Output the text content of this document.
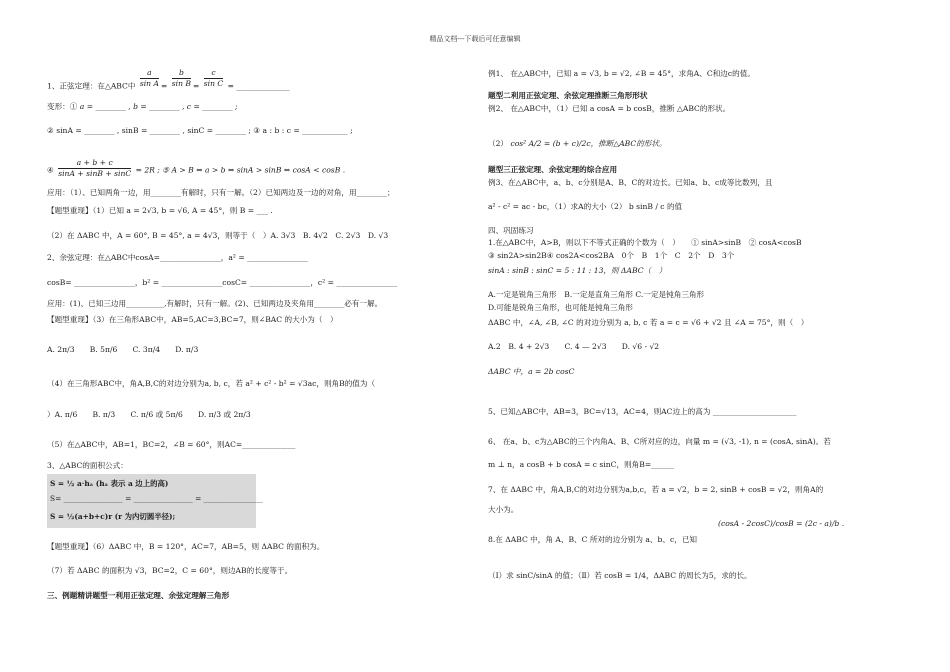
精品文档---下载后可任意编辑
1、正弦定理：在△ABC中 $\frac{a}{\text{sin A}} = \frac{b}{\text{sin B}} = \frac{c}{\text{sin C}}$ = ______________
变形：① a = ________ , b = ________ , c = ________ ;
② sinA = ________ , sinB = ________ , sinC = ________ ; ③ a : b : c = ____________ ;
④ $\frac{a + b + c}{\sin A + \sin B + \sin C} = 2R$ ; ⑤ A > B ⇔ a > b ⇔ sinA > sinB ⇔ cosA < cosB .
应用：（1）、已知两角一边，用________有解时，只有一解。（2）已知两边及一边的对角，用________；
【题型重现】（1）已知 a = 2√3, b = √6, A = 45°，则 B = ___ .
（2）在 ΔABC 中，A = 60°, B = 45°, a = 4√3，则等于（　）A. 3√3　B. 4√2　C. 2√3　D. √3
2、余弦定理：在△ABC中cosA=________________，a² = ________________
cosB= ________________，b² = ________________cosC= ________________，c² = ________________
应用：(1)、已知三边用__________,有解时，只有一解。(2)、已知两边及夹角用________必有一解。
【题型重现】（3）在三角形ABC中，AB=5,AC=3,BC=7，则∠BAC 的大小为（　）
A. 2π/3　　B. 5π/6　　C. 3π/4　　D. π/3
（4）在三角形ABC中，角A,B,C的对边分别为a, b, c，若 a² + c² - b² = √3ac，则角B的值为（
）A. π/6　　B. π/3　　C. π/6 或 5π/6　　D. π/3 或 2π/3
（5）在△ABC中，AB=1，BC=2，∠B = 60°，则AC=______________
3、△ABC的面积公式：
S = ½ a·hₐ (hₐ 表示 a 边上的高)
S= ________________ = ________________ = ________________
S = ½(a+b+c)r (r 为内切圆半径);
【题型重现】（6）ΔABC 中，B = 120°，AC=7，AB=5，则 ΔABC 的面积为。
（7）若 ΔABC 的面积为 √3，BC=2，C = 60°，则边AB的长度等于。
三、例题精讲题型一利用正弦定理、余弦定理解三角形
例1、 在△ABC中，已知 a = √3, b = √2, ∠B = 45°，求角A、C和边c的值。
题型二利用正弦定理、余弦定理推断三角形形状
例2、 在△ABC中，（1）已知 a cosA = b cosB，推断 △ABC的形状。
（2） cos² A/2 = (b + c)/2c，推断△ABC的形状。
题型三正弦定理、余弦定理的综合应用
例3、在△ABC中，a、b、c分别是A、B、C的对边长。已知a、b、c成等比数列，且
a² - c² = ac - bc，（1）求A的大小（2） b sinB / c 的值
四、巩固练习
1.在△ABC中，A>B，则以下不等式正确的个数为（　）　　① sinA>sinB　② cosA<cosB
③ sin2A>sin2B④ cos2A<cos2BA　0个　B　1个　C　2个　D　3个
sinA : sinB : sinC = 5 : 11 : 13，则 ΔABC（　）
A.一定是锐角三角形　B.一定是直角三角形 C.一定是钝角三角形
D.可能是锐角三角形，也可能是钝角三角形
ΔABC 中，∠A, ∠B, ∠C 的对边分别为 a, b, c 若 a = c = √6 + √2 且 ∠A = 75°，则（　）
A.2　B. 4 + 2√3　　C. 4 — 2√3　　D. √6 - √2
ΔABC 中，a = 2b cosC
5、已知△ABC中，AB=3，BC=√13，AC=4，则AC边上的高为 ______________________
6、 在a、b、c为△ABC的三个内角A、B、C所对应的边，向量 m = (√3, -1), n = (cosA, sinA)。若
m ⊥ n，a cosB + b cosA = c sinC，则角B=______
7、在 ΔABC 中，角A,B,C的对边分别为a,b,c，若 a = √2，b = 2, sinB + cosB = √2，则角A的
大小为。
(cosA - 2cosC)/cosB = (2c - a)/b .
8.在 ΔABC 中，角 A、B、C 所对的边分别为 a、b、c，已知
（Ⅰ）求 sinC/sinA 的值；（Ⅱ）若 cosB = 1/4，ΔABC 的周长为5，求的长。
